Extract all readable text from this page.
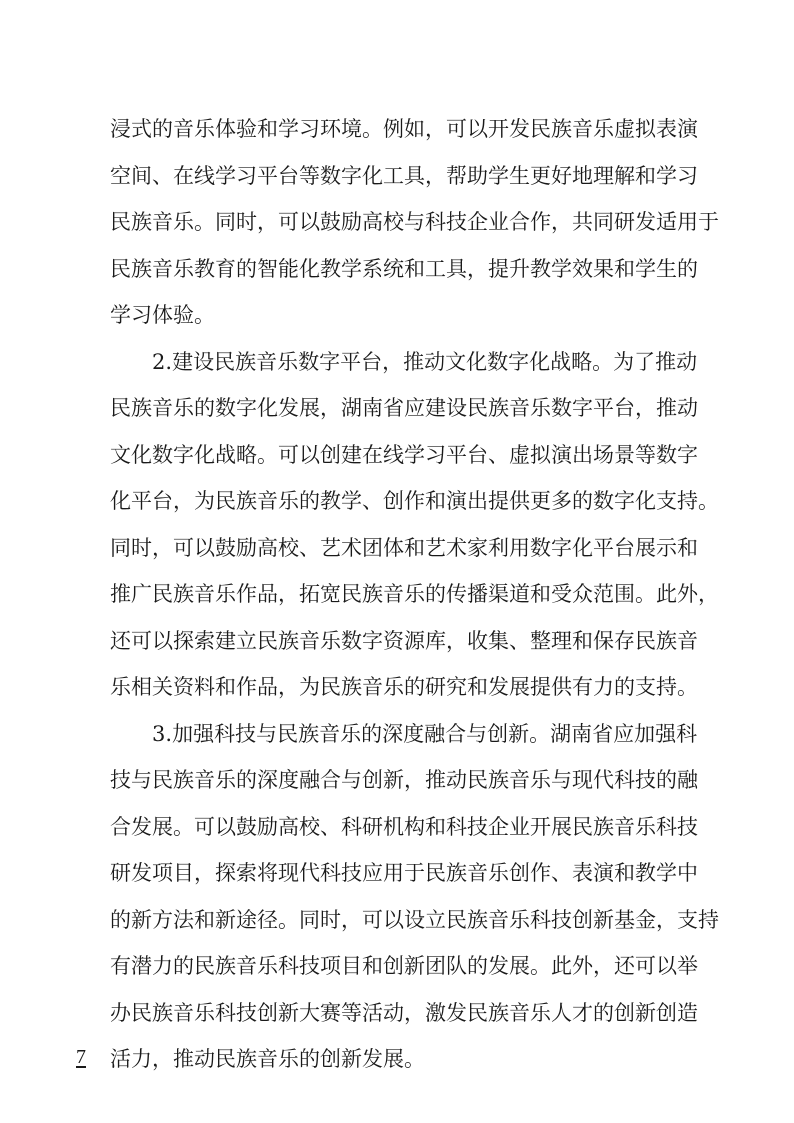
浸 式 的 音 乐 体 验 和 学 习 环 境 。 例 如 ， 可 以 开 发 民 族 音 乐 虚 拟 表 演
空 间 、 在 线 学 习 平 台 等 数 字 化 工 具 ， 帮 助 学 生 更 好 地 理 解 和 学 习
民 族 音 乐 。 同 时 ， 可 以 鼓 励 高 校 与 科 技 企 业 合 作 ， 共 同 研 发 适 用 于
民 族 音 乐 教 育 的 智 能 化 教 学 系 统 和 工 具 ， 提 升 教 学 效 果 和 学 生 的
学习体验。

2 . 建 设 民 族 音 乐 数 字 平 台 ， 推 动 文 化 数 字 化 战 略 。 为 了 推 动
民 族 音 乐 的 数 字 化 发 展 ， 湖 南 省 应 建 设 民 族 音 乐 数 字 平 台 ， 推 动
文 化 数 字 化 战 略 。 可 以 创 建 在 线 学 习 平 台 、 虚 拟 演 出 场 景 等 数 字
化 平 台 ， 为 民 族 音 乐 的 教 学 、 创 作 和 演 出 提 供 更 多 的 数 字 化 支 持 。
同 时 ， 可 以 鼓 励 高 校 、 艺 术 团 体 和 艺 术 家 利 用 数 字 化 平 台 展 示 和
推 广 民 族 音 乐 作 品 ， 拓 宽 民 族 音 乐 的 传 播 渠 道 和 受 众 范 围 。 此 外 ，
还 可 以 探 索 建 立 民 族 音 乐 数 字 资 源 库 ， 收 集 、 整 理 和 保 存 民 族 音
乐相关资料和作品，为民族音乐的研究和发展提供有力的支持。

3 . 加 强 科 技 与 民 族 音 乐 的 深 度 融 合 与 创 新 。 湖 南 省 应 加 强 科
技 与 民 族 音 乐 的 深 度 融 合 与 创 新 ， 推 动 民 族 音 乐 与 现 代 科 技 的 融
合 发 展 。 可 以 鼓 励 高 校 、 科 研 机 构 和 科 技 企 业 开 展 民 族 音 乐 科 技
研 发 项 目 ， 探 索 将 现 代 科 技 应 用 于 民 族 音 乐 创 作 、 表 演 和 教 学 中
的 新 方 法 和 新 途 径 。 同 时 ， 可 以 设 立 民 族 音 乐 科 技 创 新 基 金 ， 支 持
有 潜 力 的 民 族 音 乐 科 技 项 目 和 创 新 团 队 的 发 展 。 此 外 ， 还 可 以 举
办 民 族 音 乐 科 技 创 新 大 赛 等 活 动 ， 激 发 民 族 音 乐 人 才 的 创 新 创 造
活力，推动民族音乐的创新发展。
7
